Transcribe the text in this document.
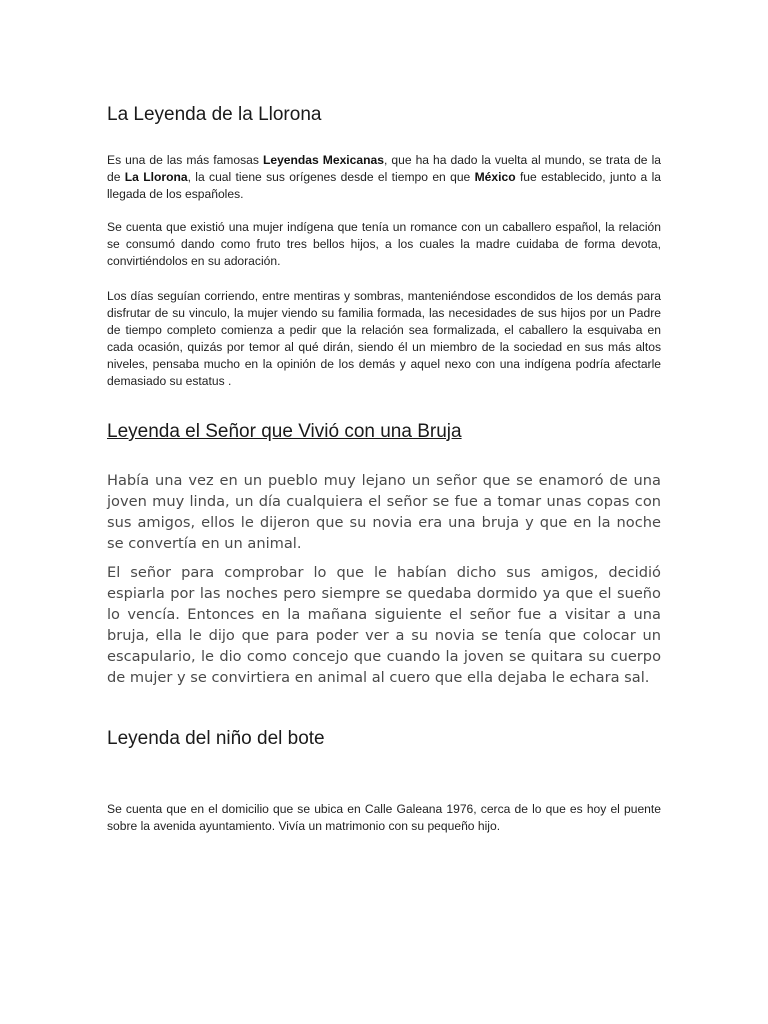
La Leyenda de la Llorona

Es una de las más famosas Leyendas Mexicanas, que ha ha dado la vuelta al mundo, se trata de la de La Llorona, la cual tiene sus orígenes desde el tiempo en que México fue establecido, junto a la llegada de los españoles.

Se cuenta que existió una mujer indígena que tenía un romance con un caballero español, la relación se consumó dando como fruto tres bellos hijos, a los cuales la madre cuidaba de forma devota, convirtiéndolos en su adoración.

Los días seguían corriendo, entre mentiras y sombras, manteniéndose escondidos de los demás para disfrutar de su vinculo, la mujer viendo su familia formada, las necesidades de sus hijos por un Padre de tiempo completo comienza a pedir que la relación sea formalizada, el caballero la esquivaba en cada ocasión, quizás por temor al qué dirán, siendo él un miembro de la sociedad en sus más altos niveles, pensaba mucho en la opinión de los demás y aquel nexo con una indígena podría afectarle demasiado su estatus .

Leyenda el Señor que Vivió con una Bruja

Había una vez en un pueblo muy lejano un señor que se enamoró de una joven muy linda, un día cualquiera el señor se fue a tomar unas copas con sus amigos, ellos le dijeron que su novia era una bruja y que en la noche se convertía en un animal.

El señor para comprobar lo que le habían dicho sus amigos, decidió espiarla por las noches pero siempre se quedaba dormido ya que el sueño lo vencía. Entonces en la mañana siguiente el señor fue a visitar a una bruja, ella le dijo que para poder ver a su novia se tenía que colocar un escapulario, le dio como concejo que cuando la joven se quitara su cuerpo de mujer y se convirtiera en animal al cuero que ella dejaba le echara sal.

Leyenda del niño del bote

Se cuenta que en el domicilio que se ubica en Calle Galeana 1976, cerca de lo que es hoy el puente sobre la avenida ayuntamiento. Vivía un matrimonio con su pequeño hijo.
